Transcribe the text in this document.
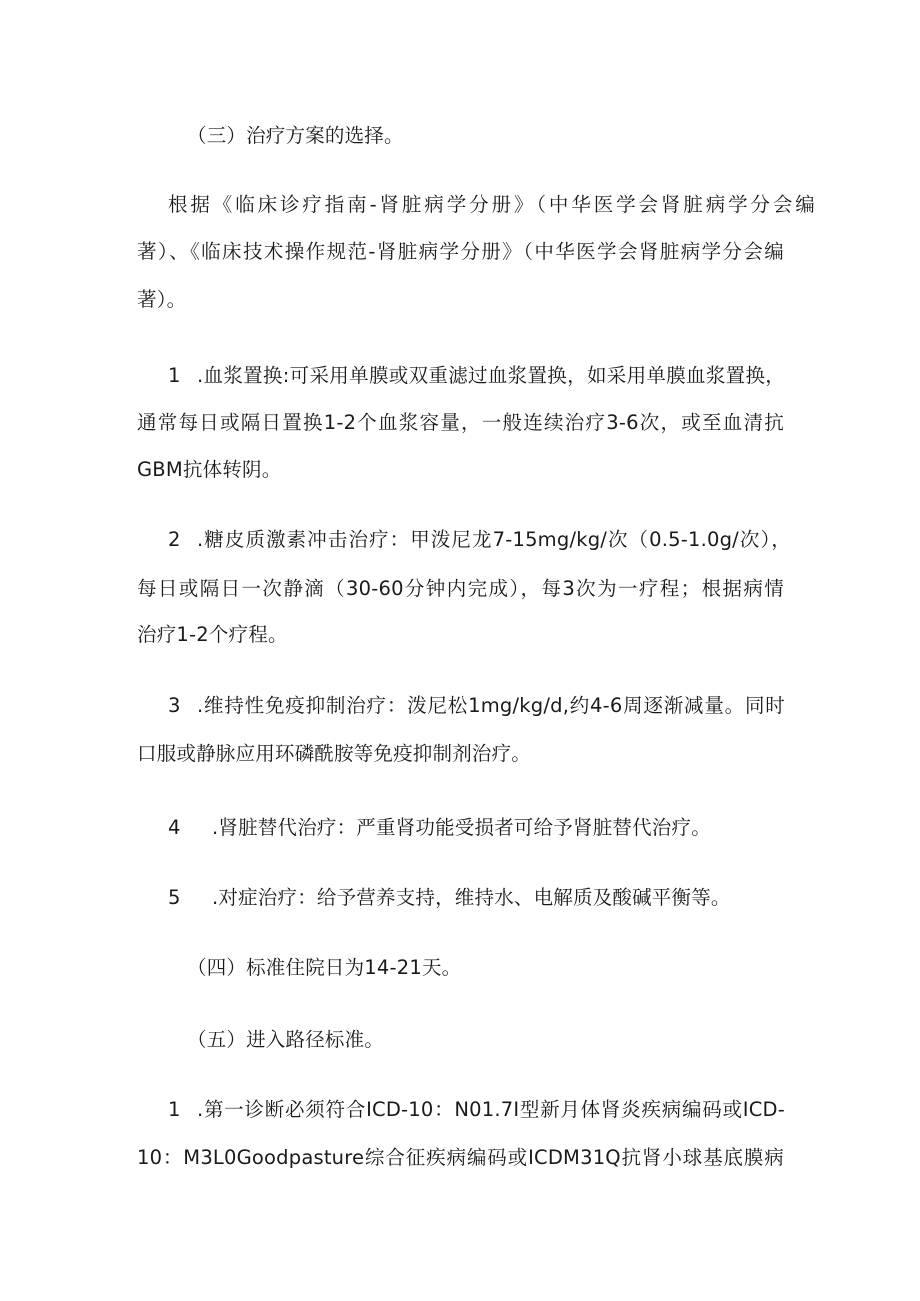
（三）治疗方案的选择。
根据《临床诊疗指南-肾脏病学分册》（中华医学会肾脏病学分会编
著）、《临床技术操作规范-肾脏病学分册》（中华医学会肾脏病学分会编
著）。
1 .血浆置换:可采用单膜或双重滤过血浆置换，如采用单膜血浆置换，
通常每日或隔日置换1-2个血浆容量，一般连续治疗3-6次，或至血清抗
GBM抗体转阴。
2 .糖皮质激素冲击治疗：甲泼尼龙7-15mg/kg/次（0.5-1.0g/次），
每日或隔日一次静滴（30-60分钟内完成），每3次为一疗程；根据病情
治疗1-2个疗程。
3 .维持性免疫抑制治疗：泼尼松1mg/kg/d,约4-6周逐渐减量。同时
口服或静脉应用环磷酰胺等免疫抑制剂治疗。
4 .肾脏替代治疗：严重肾功能受损者可给予肾脏替代治疗。
5 .对症治疗：给予营养支持，维持水、电解质及酸碱平衡等。
（四）标准住院日为14-21天。
（五）进入路径标准。
1 .第一诊断必须符合ICD-10：N01.7I型新月体肾炎疾病编码或ICD-
10：M3L0Goodpasture综合征疾病编码或ICDM31Q抗肾小球基底膜病
